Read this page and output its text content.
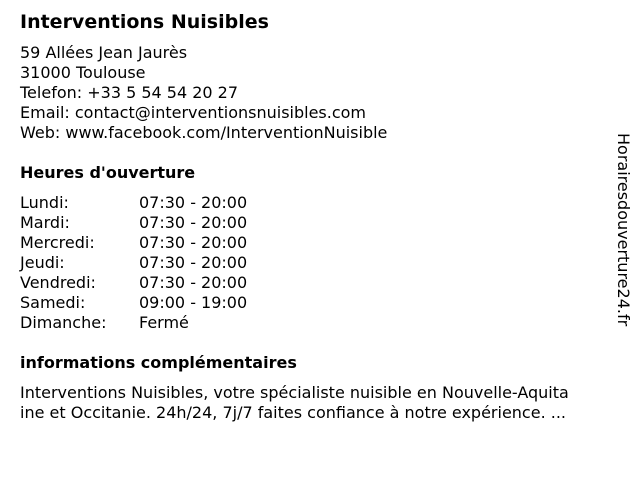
Interventions Nuisibles
59 Allées Jean Jaurès
31000 Toulouse
Telefon: +33 5 54 54 20 27
Email: contact@interventionsnuisibles.com
Web: www.facebook.com/InterventionNuisible
Heures d'ouverture
Lundi:	07:30 - 20:00
Mardi:	07:30 - 20:00
Mercredi:	07:30 - 20:00
Jeudi:	07:30 - 20:00
Vendredi:	07:30 - 20:00
Samedi:	09:00 - 19:00
Dimanche:	Fermé
informations complémentaires
Interventions Nuisibles, votre spécialiste nuisible en Nouvelle-Aquita
ine et Occitanie. 24h/24, 7j/7 faites confiance à notre expérience. ...
Horairesdouverture24.fr
